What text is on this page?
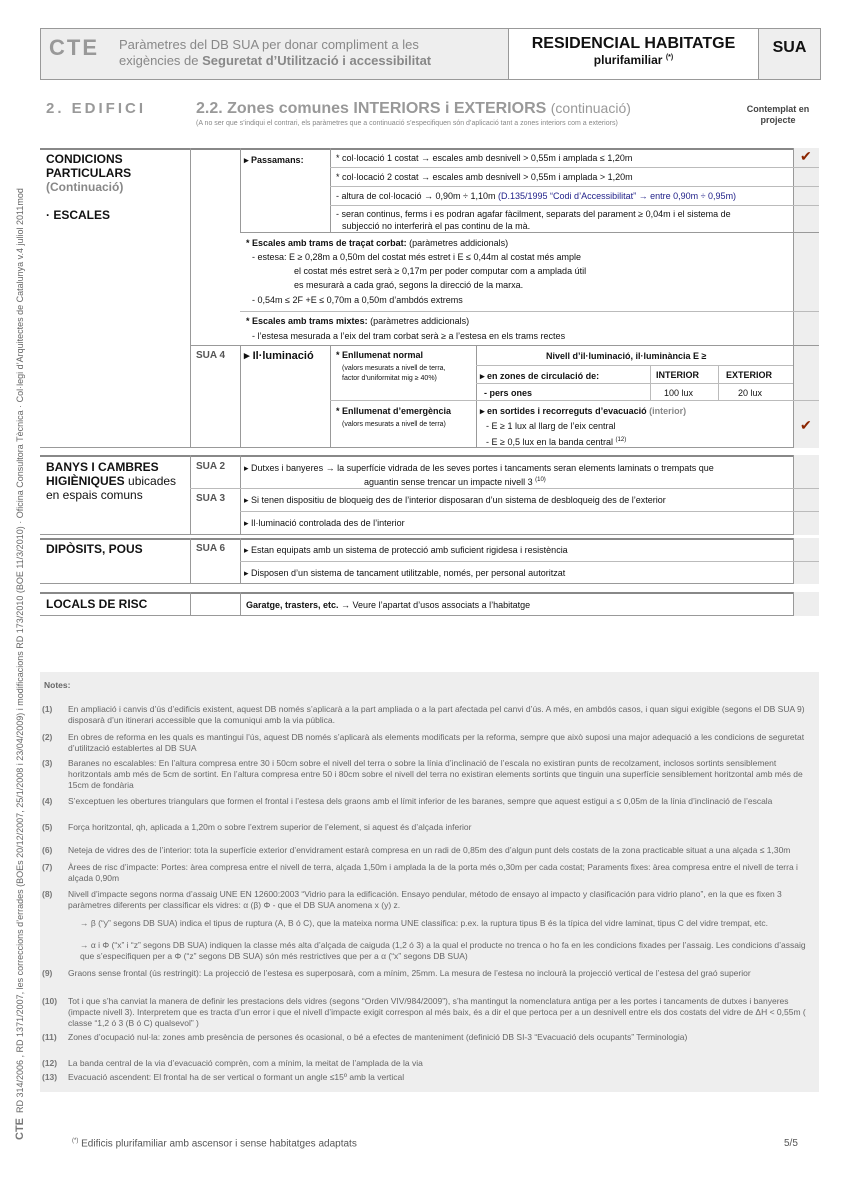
CTE  RD 314/2006 , RD 1371/2007, les correccions d’errades (BOEs 20/12/2007, 25/1/2008 i 23/04/2009) i modificacions RD 173/2010 (BOE 11/3/2010) · Oficina Consultora Tècnica · Col·legi d’Arquitectes de Catalunya v.4 juliol 2011mod
CTE	Paràmetres del DB SUA per donar compliment a les
exigències de Seguretat d’Utilització i accessibilitat
RESIDENCIAL HABITATGE
plurifamiliar (*)
SUA
2. EDIFICI	2.2. Zones comunes INTERIORS i EXTERIORS (continuació)
(A no ser que s’indiqui el contrari, els paràmetres que a continuació s’especifiquen són d’aplicació tant a zones interiors com a exteriors)
Contemplat en
projecte
CONDICIONS
PARTICULARS
(Continuació)
· ESCALES
▸ Passamans:	* col·locació 1 costat → escales amb desnivell > 0,55m i amplada ≤ 1,20m	✔
* col·locació 2 costat → escales amb desnivell > 0,55m i amplada > 1,20m
- altura de col·locació → 0,90m ÷ 1,10m (D.135/1995 “Codi d’Accessibilitat” → entre 0,90m ÷ 0,95m)
- seran continus, ferms i es podran agafar fàcilment, separats del parament ≥ 0,04m i el sistema de
subjecció no interferirà el pas continu de la mà.
* Escales amb trams de traçat corbat: (paràmetres addicionals)
- estesa: E ≥ 0,28m a 0,50m del costat més estret i E ≤ 0,44m al costat més ample
el costat més estret serà ≥ 0,17m per poder computar com a amplada útil
es mesurarà a cada graó, segons la direcció de la marxa.
- 0,54m ≤ 2F +E ≤ 0,70m a 0,50m d’ambdós extrems
* Escales amb trams mixtes: (paràmetres addicionals)
- l’estesa mesurada a l’eix del tram corbat serà ≥ a l’estesa en els trams rectes
SUA 4 ▸ Il·luminació * Enllumenat normal
(valors mesurats a nivell de terra,
factor d’uniformitat mig ≥ 40%)
Nivell d’il·luminació, il·luminància E ≥
▸ en zones de circulació de:	INTERIOR	EXTERIOR
- pers ones	100 lux	20 lux
* Enllumenat d’emergència
(valors mesurats a nivell de terra)
▸ en sortides i recorreguts d’evacuació (interior)
- E ≥ 1 lux al llarg de l’eix central
- E ≥ 0,5 lux en la banda central $^{(12)}$
✔
BANYS I CAMBRES
HIGIÈNIQUES ubicades
en espais comuns
SUA 2 ▸ Dutxes i banyeres → la superfície vidrada de les seves portes i tancaments seran elements laminats o trempats que
aguantin sense trencar un impacte nivell 3 $^{(10)}$
SUA 3 ▸ Si tenen dispositiu de bloqueig des de l’interior disposaran d’un sistema de desbloqueig des de l’exterior
▸ Il·luminació controlada des de l’interior
DIPÒSITS, POUS	SUA 6 ▸ Estan equipats amb un sistema de protecció amb suficient rigidesa i resistència
▸ Disposen d’un sistema de tancament utilitzable, només, per personal autoritzat
LOCALS DE RISC	Garatge, trasters, etc. → Veure l’apartat d’usos associats a l’habitatge
Notes:
(1) En ampliació i canvis d’ús d’edificis existent, aquest DB només s’aplicarà a la part ampliada o a la part afectada pel canvi d’ús. A més, en ambdós casos, i quan sigui exigible (segons el DB SUA 9) disposarà d’un itinerari accessible que la comuniqui amb la via pública.
(2) En obres de reforma en les quals es mantingui l’ús, aquest DB només s’aplicarà als elements modificats per la reforma, sempre que això suposi una major adequació a les condicions de seguretat d’utilització establertes al DB SUA
(3) Baranes no escalables: En l’altura compresa entre 30 i 50cm sobre el nivell del terra o sobre la línia d’inclinació de l’escala no existiran punts de recolzament, inclosos sortints sensiblement horitzontals amb més de 5cm de sortint. En l’altura compresa entre 50 i 80cm sobre el nivell del terra no existiran elements sortints que tinguin una superfície sensiblement horitzontal amb més de 15cm de fondària
(4) S’exceptuen les obertures triangulars que formen el frontal i l’estesa dels graons amb el límit inferior de les baranes, sempre que aquest estigui a ≤ 0,05m de la línia d’inclinació de l’escala
(5) Força horitzontal, qh, aplicada a 1,20m o sobre l’extrem superior de l’element, si aquest és d’alçada inferior
(6) Neteja de vidres des de l’interior: tota la superfície exterior d’envidrament estarà compresa en un radi de 0,85m des d’algun punt dels costats de la zona practicable situat a una alçada ≤ 1,30m
(7) Àrees de risc d’impacte: Portes: àrea compresa entre el nivell de terra, alçada 1,50m i amplada la de la porta més o,30m per cada costat; Paraments fixes: àrea compresa entre el nivell de terra i alçada 0,90m
(8) Nivell d’impacte segons norma d’assaig UNE EN 12600:2003 “Vidrio para la edificación. Ensayo pendular, método de ensayo al impacto y clasificación para vidrio plano”, en la que es fixen 3 paràmetres diferents per classificar els vidres: α (β) Φ - que el DB SUA anomena x (y) z.
→ β (“y” segons DB SUA) indica el tipus de ruptura (A, B ó C), que la mateixa norma UNE classifica: p.ex. la ruptura tipus B és la típica del vidre laminat, tipus C del vidre trempat, etc.
→ α i Φ (“x” i “z” segons DB SUA) indiquen la classe més alta d’alçada de caiguda (1,2 ó 3) a la qual el producte no trenca o ho fa en les condicions fixades per l’assaig. Les condicions d’assaig que s’especifiquen per a Φ (“z” segons DB SUA) són més restrictives que per a α (“x” segons DB SUA)
(9) Graons sense frontal (ús restringit): La projecció de l’estesa es superposarà, com a mínim, 25mm. La mesura de l’estesa no inclourà la projecció vertical de l’estesa del graó superior
(10) Tot i que s’ha canviat la manera de definir les prestacions dels vidres (segons “Orden VIV/984/2009”), s’ha mantingut la nomenclatura antiga per a les portes i tancaments de dutxes i banyeres (impacte nivell 3). Interpretem que es tracta d’un error i que el nivell d’impacte exigit correspon al més baix, és a dir el que pertoca per a un desnivell entre els dos costats del vidre de ΔH < 0,55m ( classe “1,2 ó 3 (B ó C) qualsevol” )
(11) Zones d’ocupació nul·la: zones amb presència de persones és ocasional, o bé a efectes de manteniment (definició DB SI-3 “Evacuació dels ocupants” Terminologia)
(12) La banda central de la via d’evacuació comprèn, com a mínim, la meitat de l’amplada de la via
(13) Evacuació ascendent: El frontal ha de ser vertical o formant un angle ≤15º amb la vertical
(*) Edificis plurifamiliar amb ascensor i sense habitatges adaptats	5/5
